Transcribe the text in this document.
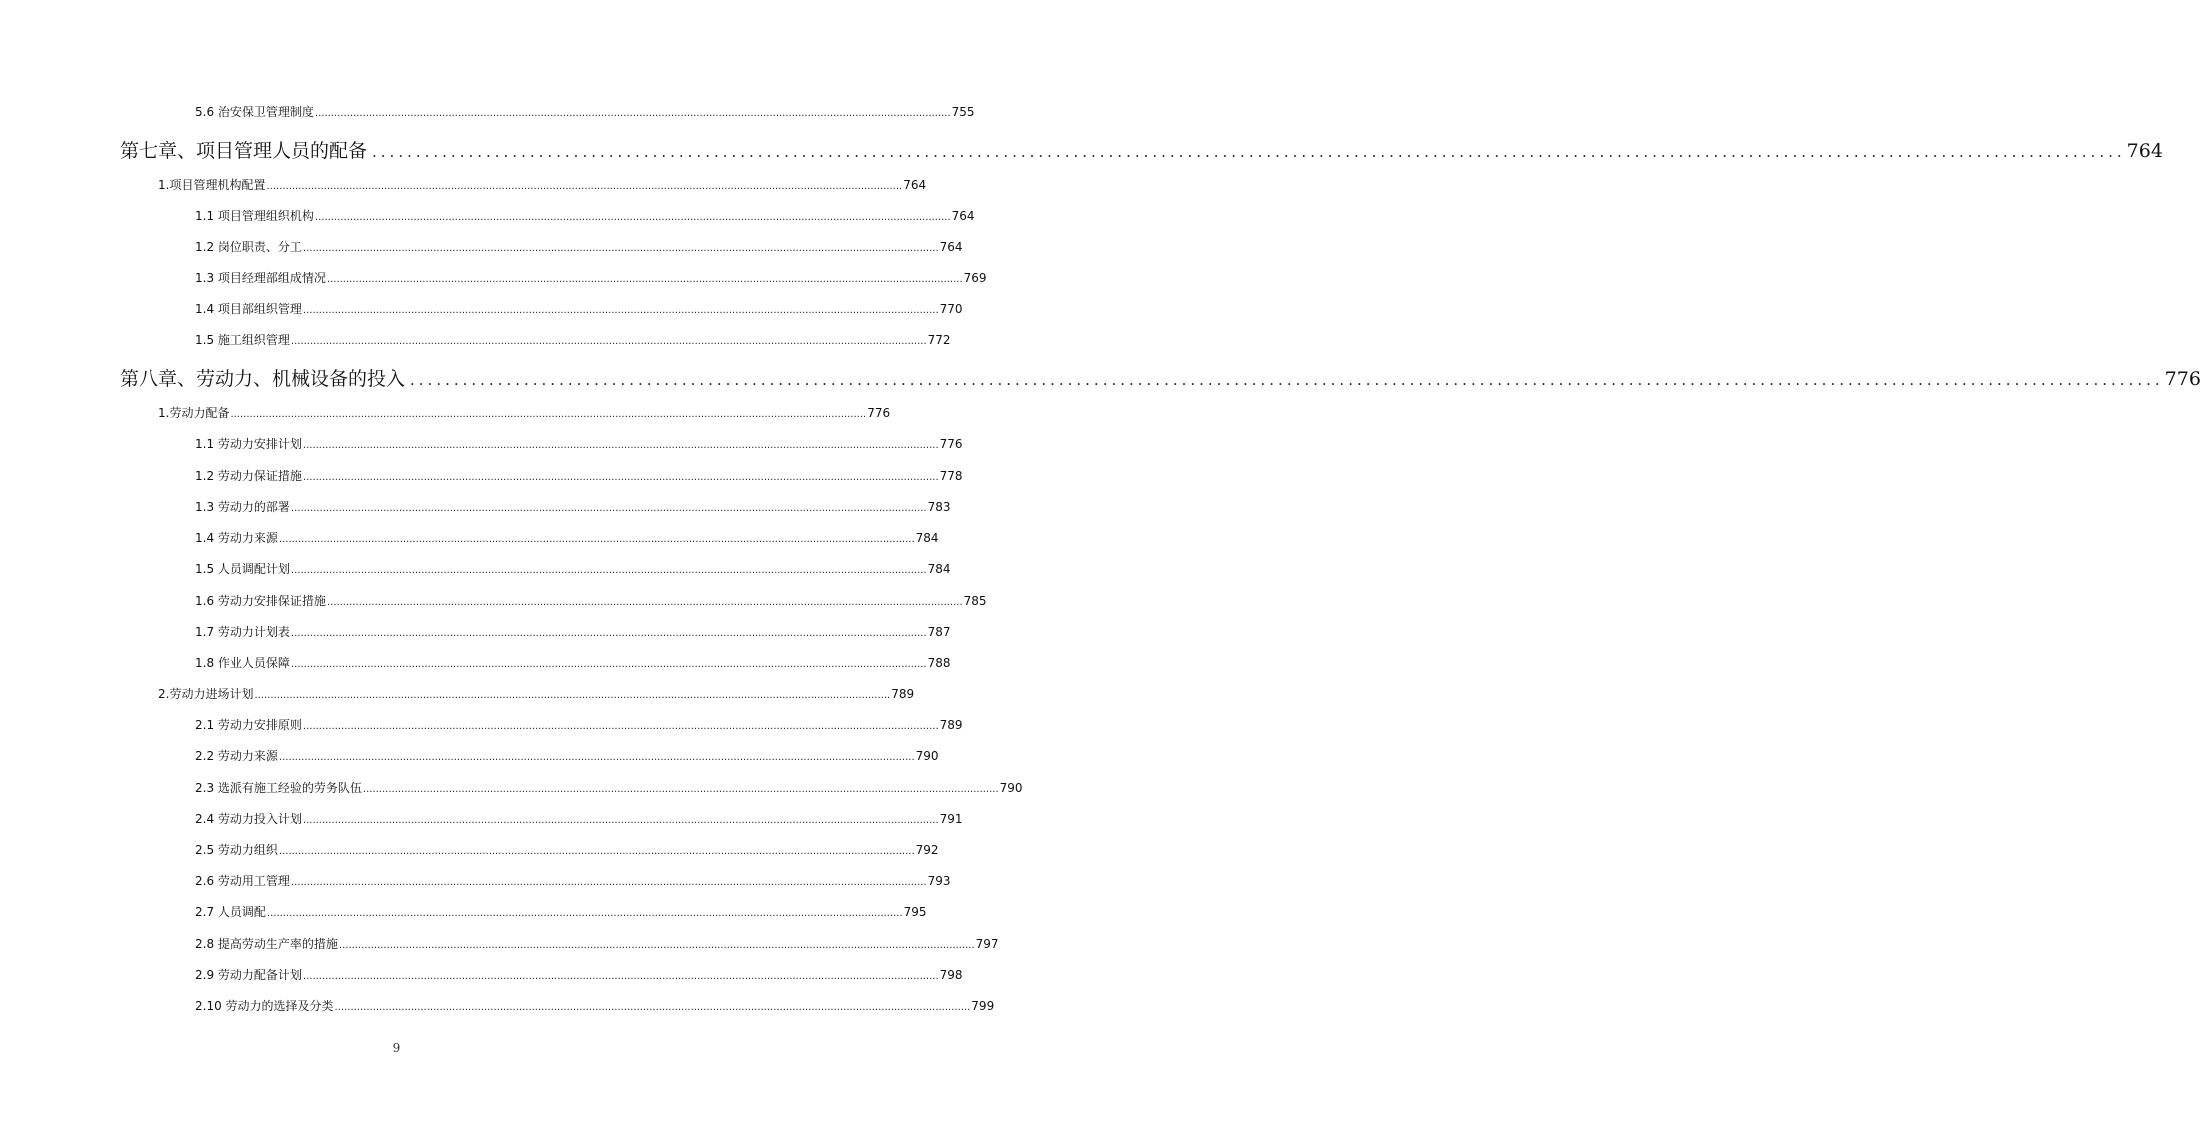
5.6 治安保卫管理制度 ........................................................................................................................................................................................................ 755
第七章、项目管理人员的配备 ........................................................................................................................................................................................................ 764
1.项目管理机构配置 ........................................................................................................................................................................................................ 764
1.1 项目管理组织机构 ........................................................................................................................................................................................................ 764
1.2 岗位职责、分工 ........................................................................................................................................................................................................ 764
1.3 项目经理部组成情况 ........................................................................................................................................................................................................ 769
1.4 项目部组织管理 ........................................................................................................................................................................................................ 770
1.5 施工组织管理 ........................................................................................................................................................................................................ 772
第八章、劳动力、机械设备的投入 ........................................................................................................................................................................................................ 776
1.劳动力配备 ........................................................................................................................................................................................................ 776
1.1 劳动力安排计划 ........................................................................................................................................................................................................ 776
1.2 劳动力保证措施 ........................................................................................................................................................................................................ 778
1.3 劳动力的部署 ........................................................................................................................................................................................................ 783
1.4 劳动力来源 ........................................................................................................................................................................................................ 784
1.5 人员调配计划 ........................................................................................................................................................................................................ 784
1.6 劳动力安排保证措施 ........................................................................................................................................................................................................ 785
1.7 劳动力计划表 ........................................................................................................................................................................................................ 787
1.8 作业人员保障 ........................................................................................................................................................................................................ 788
2.劳动力进场计划 ........................................................................................................................................................................................................ 789
2.1 劳动力安排原则 ........................................................................................................................................................................................................ 789
2.2 劳动力来源 ........................................................................................................................................................................................................ 790
2.3 选派有施工经验的劳务队伍 ........................................................................................................................................................................................................ 790
2.4 劳动力投入计划 ........................................................................................................................................................................................................ 791
2.5 劳动力组织 ........................................................................................................................................................................................................ 792
2.6 劳动用工管理 ........................................................................................................................................................................................................ 793
2.7 人员调配 ........................................................................................................................................................................................................ 795
2.8 提高劳动生产率的措施 ........................................................................................................................................................................................................ 797
2.9 劳动力配备计划 ........................................................................................................................................................................................................ 798
2.10 劳动力的选择及分类 ........................................................................................................................................................................................................ 799
9
